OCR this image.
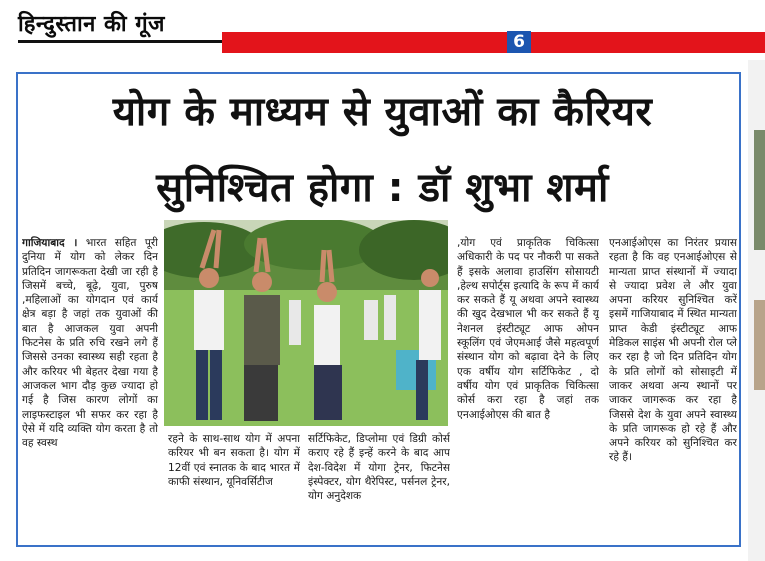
हिन्दुस्तान की गूंज
6
योग के माध्यम से युवाओं का कैरियर
सुनिश्चित होगा : डॉ शुभा शर्मा
गाजियाबाद । भारत सहित पूरी दुनिया में योग को लेकर दिन प्रतिदिन जागरूकता देखी जा रही है जिसमें बच्चे, बूढ़े, युवा, पुरुष ,महिलाओं का योगदान एवं कार्य क्षेत्र बड़ा है जहां तक युवाओं की बात है आजकल युवा अपनी फिटनेस के प्रति रुचि रखने लगे हैं जिससे उनका स्वास्थ्य सही रहता है और करियर भी बेहतर देखा गया है आजकल भाग दौड़ कुछ ज्यादा हो गई है जिस कारण लोगों का लाइफस्टाइल भी सफर कर रहा है ऐसे में यदि व्यक्ति योग करता है तो वह स्वस्थ	रहने के साथ-साथ योग में अपना करियर भी बन सकता है। योग में 12वीं एवं स्नातक के बाद भारत में काफी संस्थान, यूनिवर्सिटीज
सर्टिफिकेट, डिप्लोमा एवं डिग्री कोर्स कराए रहे हैं इन्हें करने के बाद आप देश-विदेश में योगा ट्रेनर, फिटनेस इंस्पेक्टर, योग थैरेपिस्ट, पर्सनल ट्रेनर, योग अनुदेशक
,योग एवं प्राकृतिक चिकित्सा अधिकारी के पद पर नौकरी पा सकते हैं इसके अलावा हाउसिंग सोसायटी ,हेल्थ सपोर्ट्स इत्यादि के रूप में कार्य कर सकते हैं यू अथवा अपने स्वास्थ्य की खुद देखभाल भी कर सकते हैं यू नेशनल इंस्टीट्यूट आफ ओपन स्कूलिंग एवं जेएमआई जैसे महत्वपूर्ण संस्थान योग को बढ़ावा देने के लिए एक वर्षीय योग सर्टिफिकेट , दो वर्षीय योग एवं प्राकृतिक चिकित्सा कोर्स करा रहा है जहां तक एनआईओएस की बात है
एनआईओएस का निरंतर प्रयास रहता है कि वह एनआईओएस से मान्यता प्राप्त संस्थानों में ज्यादा से ज्यादा प्रवेश ले और युवा अपना करियर सुनिश्चित करें इसमें गाजियाबाद में स्थित मान्यता प्राप्त केडी इंस्टीट्यूट आफ मेडिकल साइंस भी अपनी रोल प्ले कर रहा है जो दिन प्रतिदिन योग के प्रति लोगों को सोसाइटी में जाकर अथवा अन्य स्थानों पर जाकर जागरूक कर रहा है जिससे देश के युवा अपने स्वास्थ्य के प्रति जागरूक हो रहे हैं और अपने करियर को सुनिश्चित कर रहे हैं।
